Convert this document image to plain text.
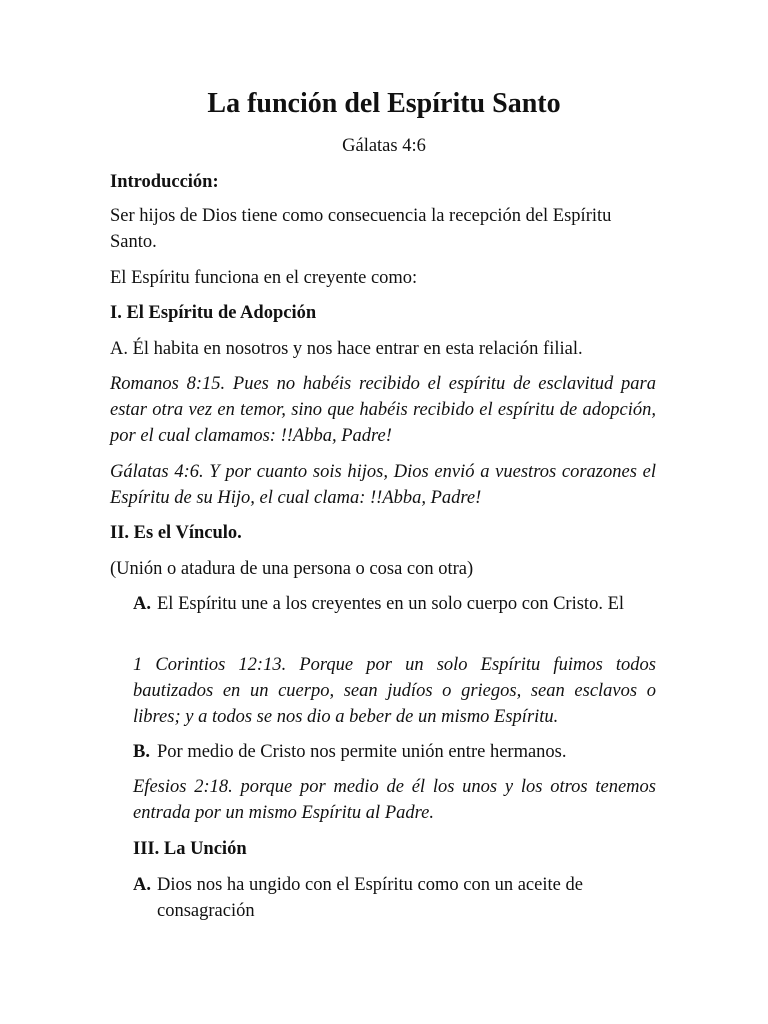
La función del Espíritu Santo

Gálatas 4:6

Introducción:

Ser hijos de Dios tiene como consecuencia la recepción del Espíritu Santo.

El Espíritu funciona en el creyente como:

I. El Espíritu de Adopción

A. Él habita en nosotros y nos hace entrar en esta relación filial.

Romanos 8:15. Pues no habéis recibido el espíritu de esclavitud para estar otra vez en temor, sino que habéis recibido el espíritu de adopción, por el cual clamamos: !!Abba, Padre!

Gálatas 4:6. Y por cuanto sois hijos, Dios envió a vuestros corazones el Espíritu de su Hijo, el cual clama: !!Abba, Padre!

II. Es el Vínculo.

(Unión o atadura de una persona o cosa con otra)

A. El Espíritu une a los creyentes en un solo cuerpo con Cristo. El

1 Corintios 12:13. Porque por un solo Espíritu fuimos todos bautizados en un cuerpo, sean judíos o griegos, sean esclavos o libres; y a todos se nos dio a beber de un mismo Espíritu.

B. Por medio de Cristo nos permite unión entre hermanos.

Efesios 2:18. porque por medio de él los unos y los otros tenemos entrada por un mismo Espíritu al Padre.

III. La Unción

A. Dios nos ha ungido con el Espíritu como con un aceite de consagración
